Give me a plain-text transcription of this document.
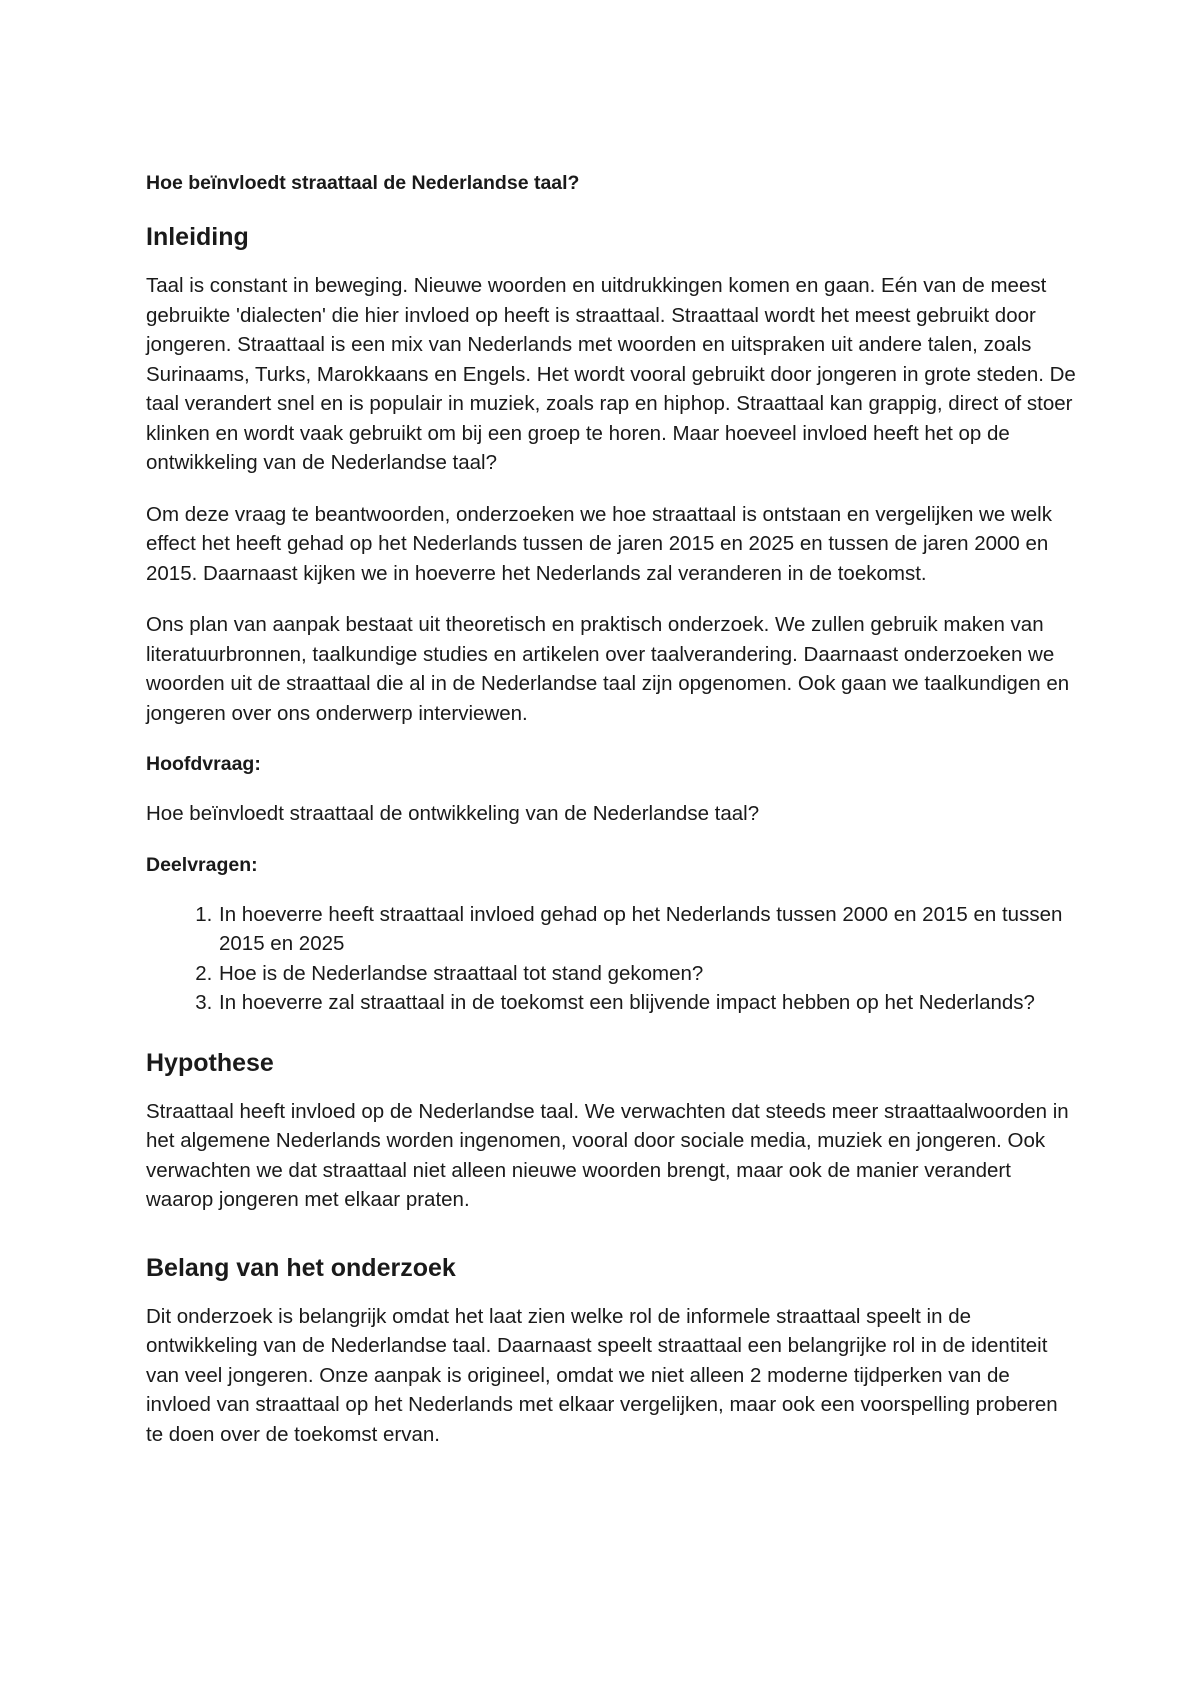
Hoe beïnvloedt straattaal de Nederlandse taal?
Inleiding

Taal is constant in beweging. Nieuwe woorden en uitdrukkingen komen en gaan. Eén van de meest gebruikte 'dialecten' die hier invloed op heeft is straattaal. Straattaal wordt het meest gebruikt door jongeren. Straattaal is een mix van Nederlands met woorden en uitspraken uit andere talen, zoals Surinaams, Turks, Marokkaans en Engels. Het wordt vooral gebruikt door jongeren in grote steden. De taal verandert snel en is populair in muziek, zoals rap en hiphop. Straattaal kan grappig, direct of stoer klinken en wordt vaak gebruikt om bij een groep te horen. Maar hoeveel invloed heeft het op de ontwikkeling van de Nederlandse taal?

Om deze vraag te beantwoorden, onderzoeken we hoe straattaal is ontstaan en vergelijken we welk effect het heeft gehad op het Nederlands tussen de jaren 2015 en 2025 en tussen de jaren 2000 en 2015. Daarnaast kijken we in hoeverre het Nederlands zal veranderen in de toekomst.

Ons plan van aanpak bestaat uit theoretisch en praktisch onderzoek. We zullen gebruik maken van literatuurbronnen, taalkundige studies en artikelen over taalverandering. Daarnaast onderzoeken we woorden uit de straattaal die al in de Nederlandse taal zijn opgenomen. Ook gaan we taalkundigen en jongeren over ons onderwerp interviewen.

Hoofdvraag:

Hoe beïnvloedt straattaal de ontwikkeling van de Nederlandse taal?

Deelvragen:
1. In hoeverre heeft straattaal invloed gehad op het Nederlands tussen 2000 en 2015 en tussen 2015 en 2025
2. Hoe is de Nederlandse straattaal tot stand gekomen?
3. In hoeverre zal straattaal in de toekomst een blijvende impact hebben op het Nederlands?
Hypothese

Straattaal heeft invloed op de Nederlandse taal. We verwachten dat steeds meer straattaalwoorden in het algemene Nederlands worden ingenomen, vooral door sociale media, muziek en jongeren. Ook verwachten we dat straattaal niet alleen nieuwe woorden brengt, maar ook de manier verandert waarop jongeren met elkaar praten.

Belang van het onderzoek

Dit onderzoek is belangrijk omdat het laat zien welke rol de informele straattaal speelt in de ontwikkeling van de Nederlandse taal. Daarnaast speelt straattaal een belangrijke rol in de identiteit van veel jongeren. Onze aanpak is origineel, omdat we niet alleen 2 moderne tijdperken van de invloed van straattaal op het Nederlands met elkaar vergelijken, maar ook een voorspelling proberen te doen over de toekomst ervan.
